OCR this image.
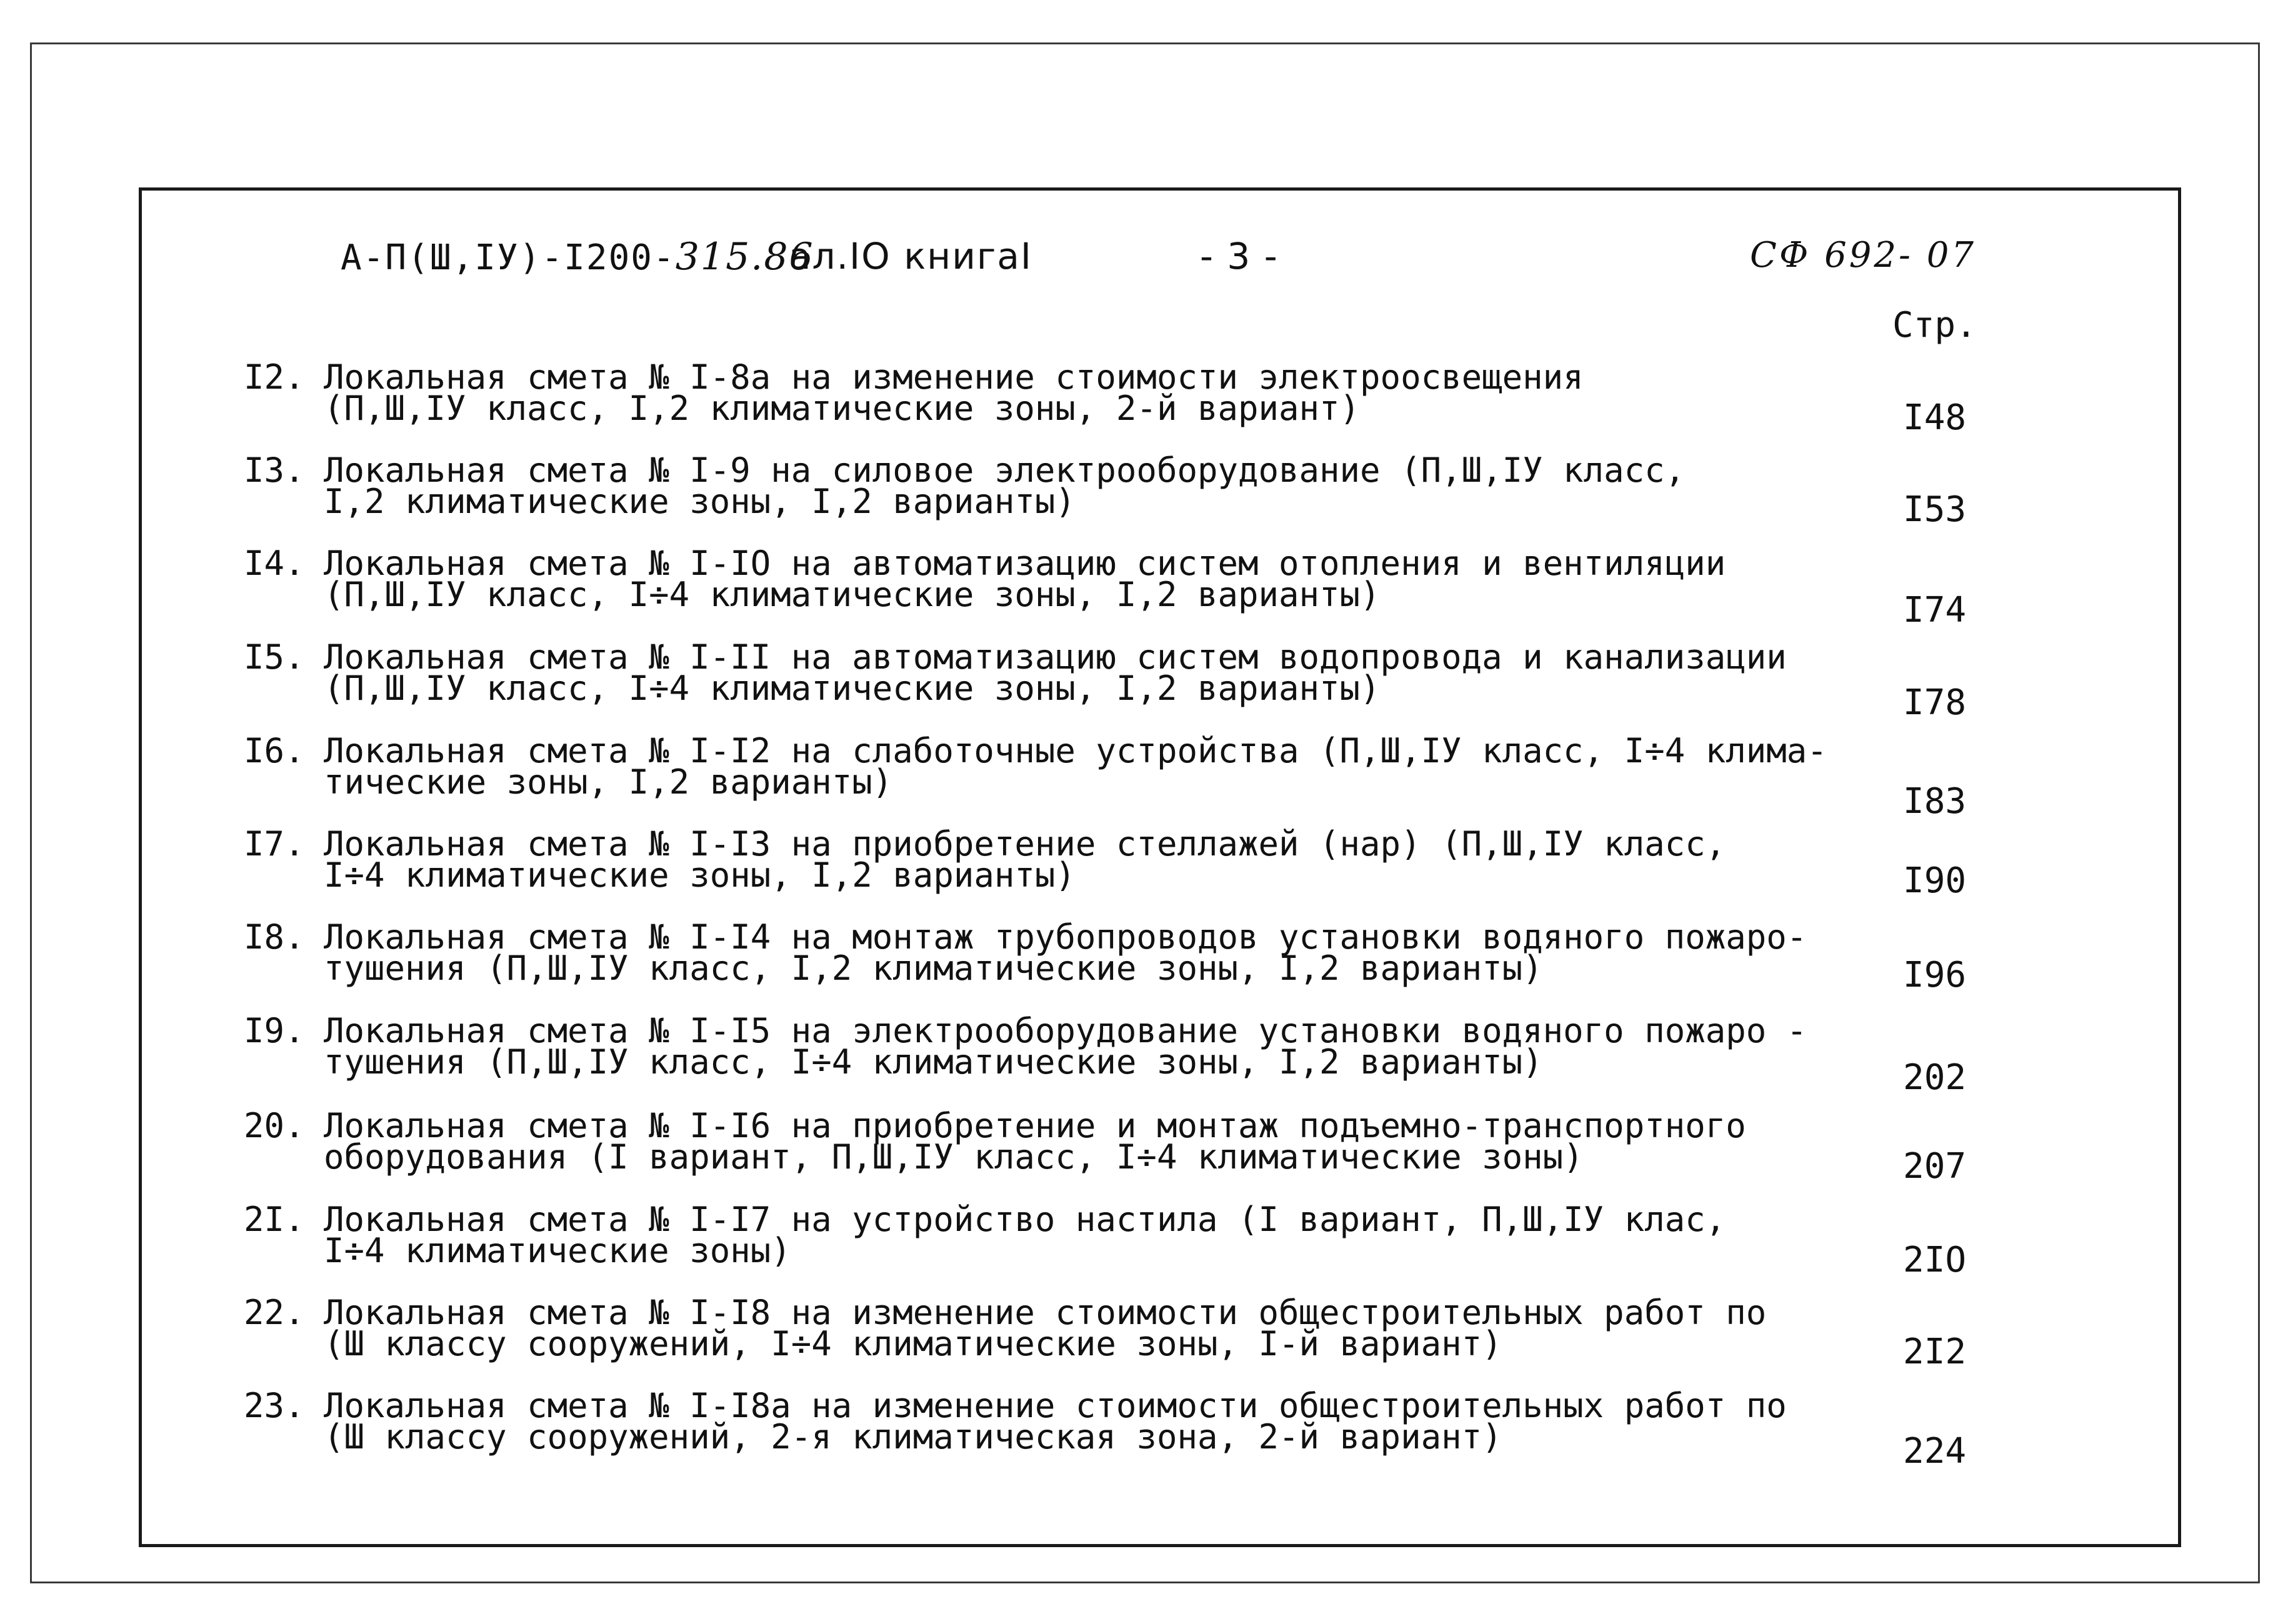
А-П(Ш,IУ)-I200-315.86
ал.IO книгаI	- 3 -	СФ 692- 07
Стр.
I2. Локальная смета № I-8а на изменение стоимости электроосвещения
(П,Ш,IУ класс, I,2 климатические зоны, 2-й вариант)	I48
I3. Локальная смета № I-9 на силовое электрооборудование (П,Ш,IУ класс,
I,2 климатические зоны, I,2 варианты)	I53
I4. Локальная смета № I-IO на автоматизацию систем отопления и вентиляции
(П,Ш,IУ класс, I÷4 климатические зоны, I,2 варианты)	I74
I5. Локальная смета № I-II на автоматизацию систем водопровода и канализации
(П,Ш,IУ класс, I÷4 климатические зоны, I,2 варианты)	I78
I6. Локальная смета № I-I2 на слаботочные устройства (П,Ш,IУ класс, I÷4 клима-
тические зоны, I,2 варианты)	I83
I7. Локальная смета № I-I3 на приобретение стеллажей (нар) (П,Ш,IУ класс,
I÷4 климатические зоны, I,2 варианты)	I90
I8. Локальная смета № I-I4 на монтаж трубопроводов установки водяного пожаро-
тушения (П,Ш,IУ класс, I,2 климатические зоны, I,2 варианты)	I96
I9. Локальная смета № I-I5 на электрооборудование установки водяного пожаро -
тушения (П,Ш,IУ класс, I÷4 климатические зоны, I,2 варианты)	202
20. Локальная смета № I-I6 на приобретение и монтаж подъемно-транспортного
оборудования (I вариант, П,Ш,IУ класс, I÷4 климатические зоны)	207
2I. Локальная смета № I-I7 на устройство настила (I вариант, П,Ш,IУ клас,
I÷4 климатические зоны)	2IO
22. Локальная смета № I-I8 на изменение стоимости общестроительных работ по
(Ш классу сооружений, I÷4 климатические зоны, I-й вариант)	2I2
23. Локальная смета № I-I8а на изменение стоимости общестроительных работ по
(Ш классу сооружений, 2-я климатическая зона, 2-й вариант)	224
